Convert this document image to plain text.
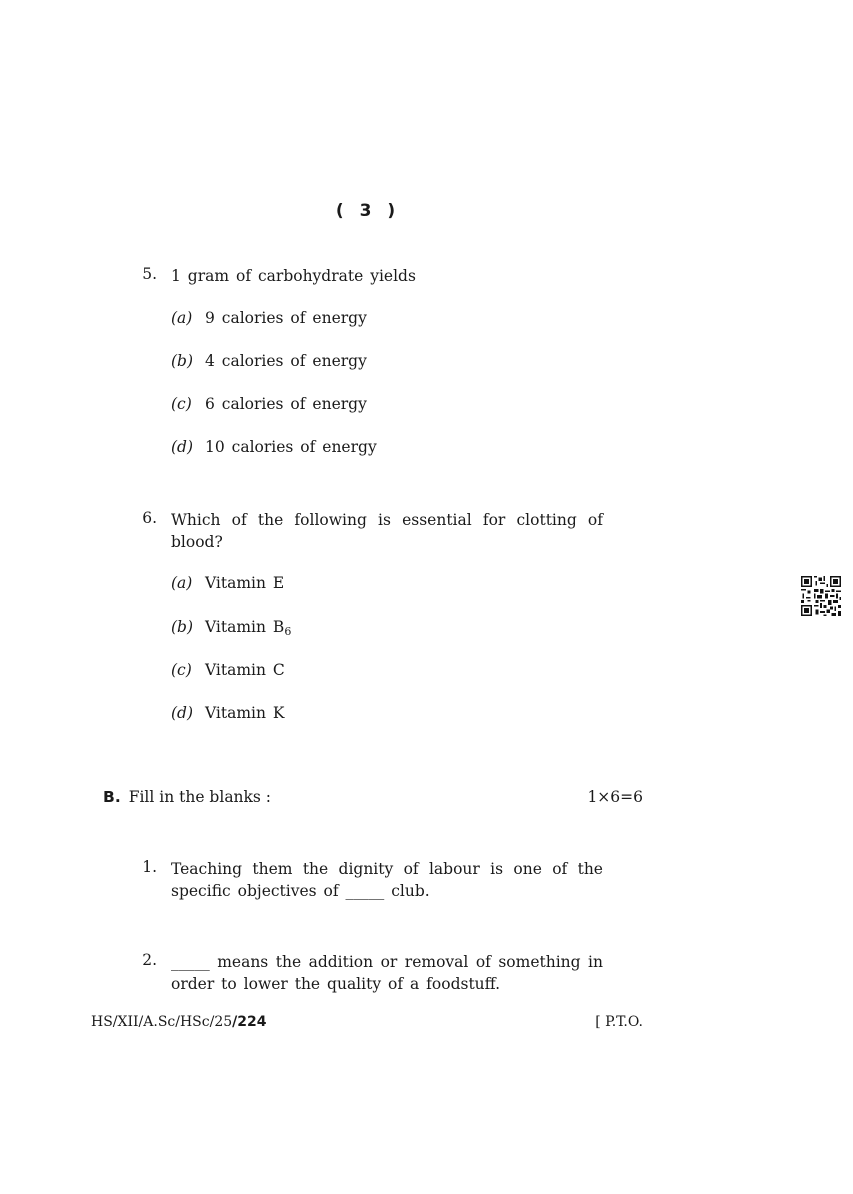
( 3 )
5. 1 gram of carbohydrate yields
(a) 9 calories of energy
(b) 4 calories of energy
(c) 6 calories of energy
(d) 10 calories of energy
6. Which of the following is essential for clotting of blood?
(a) Vitamin E
(b) Vitamin $B_6$
(c) Vitamin C
(d) Vitamin K
B. Fill in the blanks :	1×6=6
1. Teaching them the dignity of labour is one of the specific objectives of _____ club.
2. _____ means the addition or removal of something in order to lower the quality of a foodstuff.
HS/XII/A.Sc/HSc/25/224	[ P.T.O.
